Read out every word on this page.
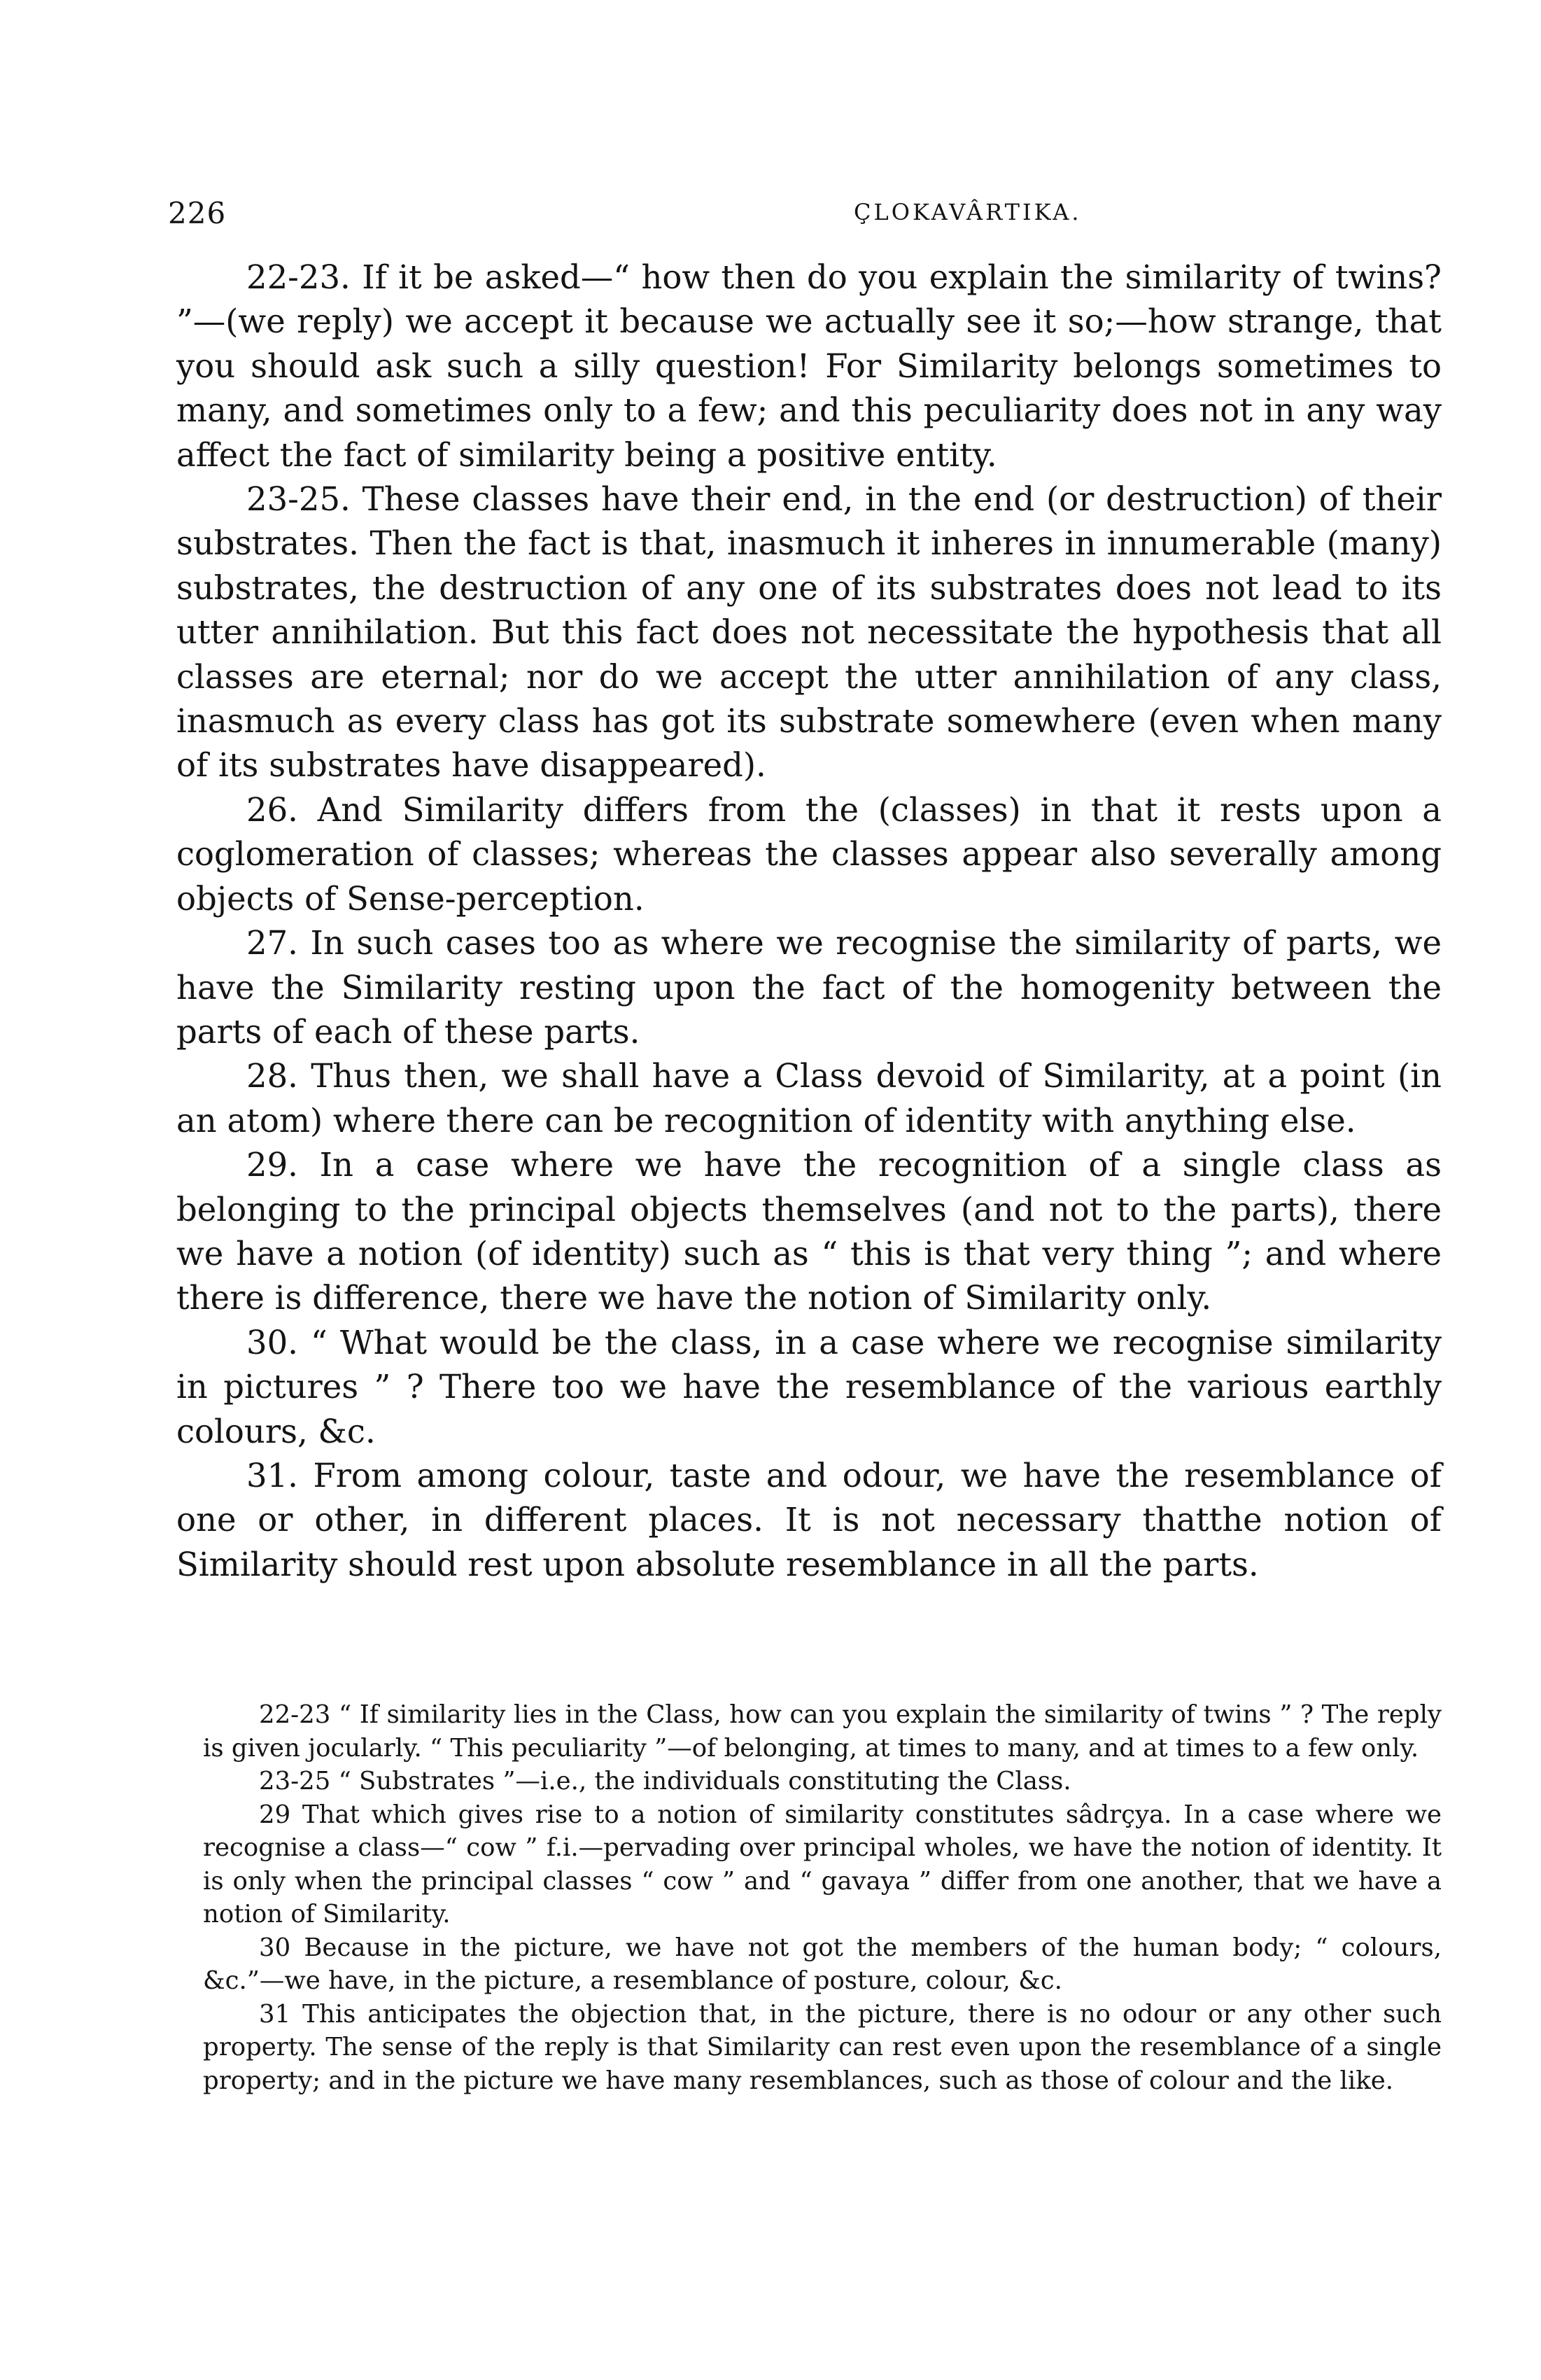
226	ÇLOKAVÂRTIKA.

22-23. If it be asked—“ how then do you explain the similarity of twins? ”—(we reply) we accept it because we actually see it so;—how strange, that you should ask such a silly question! For Similarity belongs sometimes to many, and sometimes only to a few; and this peculiarity does not in any way affect the fact of similarity being a positive entity.

23-25. These classes have their end, in the end (or destruction) of their substrates. Then the fact is that, inasmuch it inheres in innumerable (many) substrates, the destruction of any one of its substrates does not lead to its utter annihilation. But this fact does not necessitate the hypothesis that all classes are eternal; nor do we accept the utter annihilation of any class, inasmuch as every class has got its substrate somewhere (even when many of its substrates have disappeared).

26. And Similarity differs from the (classes) in that it rests upon a coglomeration of classes; whereas the classes appear also severally among objects of Sense-perception.

27. In such cases too as where we recognise the similarity of parts, we have the Similarity resting upon the fact of the homogenity between the parts of each of these parts.

28. Thus then, we shall have a Class devoid of Similarity, at a point (in an atom) where there can be recognition of identity with anything else.

29. In a case where we have the recognition of a single class as belonging to the principal objects themselves (and not to the parts), there we have a notion (of identity) such as “ this is that very thing ”; and where there is difference, there we have the notion of Similarity only.

30. “ What would be the class, in a case where we recognise similarity in pictures ” ? There too we have the resemblance of the various earthly colours, &c.

31. From among colour, taste and odour, we have the resemblance of one or other, in different places. It is not necessary thatthe notion of Similarity should rest upon absolute resemblance in all the parts.

22-23 “ If similarity lies in the Class, how can you explain the similarity of twins ” ? The reply is given jocularly. “ This peculiarity ”—of belonging, at times to many, and at times to a few only.

23-25 “ Substrates ”—i.e., the individuals constituting the Class.

29 That which gives rise to a notion of similarity constitutes sâdrçya. In a case where we recognise a class—“ cow ” f.i.—pervading over principal wholes, we have the notion of identity. It is only when the principal classes “ cow ” and “ gavaya ” differ from one another, that we have a notion of Similarity.

30 Because in the picture, we have not got the members of the human body; “ colours, &c.”—we have, in the picture, a resemblance of posture, colour, &c.

31 This anticipates the objection that, in the picture, there is no odour or any other such property. The sense of the reply is that Similarity can rest even upon the resemblance of a single property; and in the picture we have many resemblances, such as those of colour and the like.
